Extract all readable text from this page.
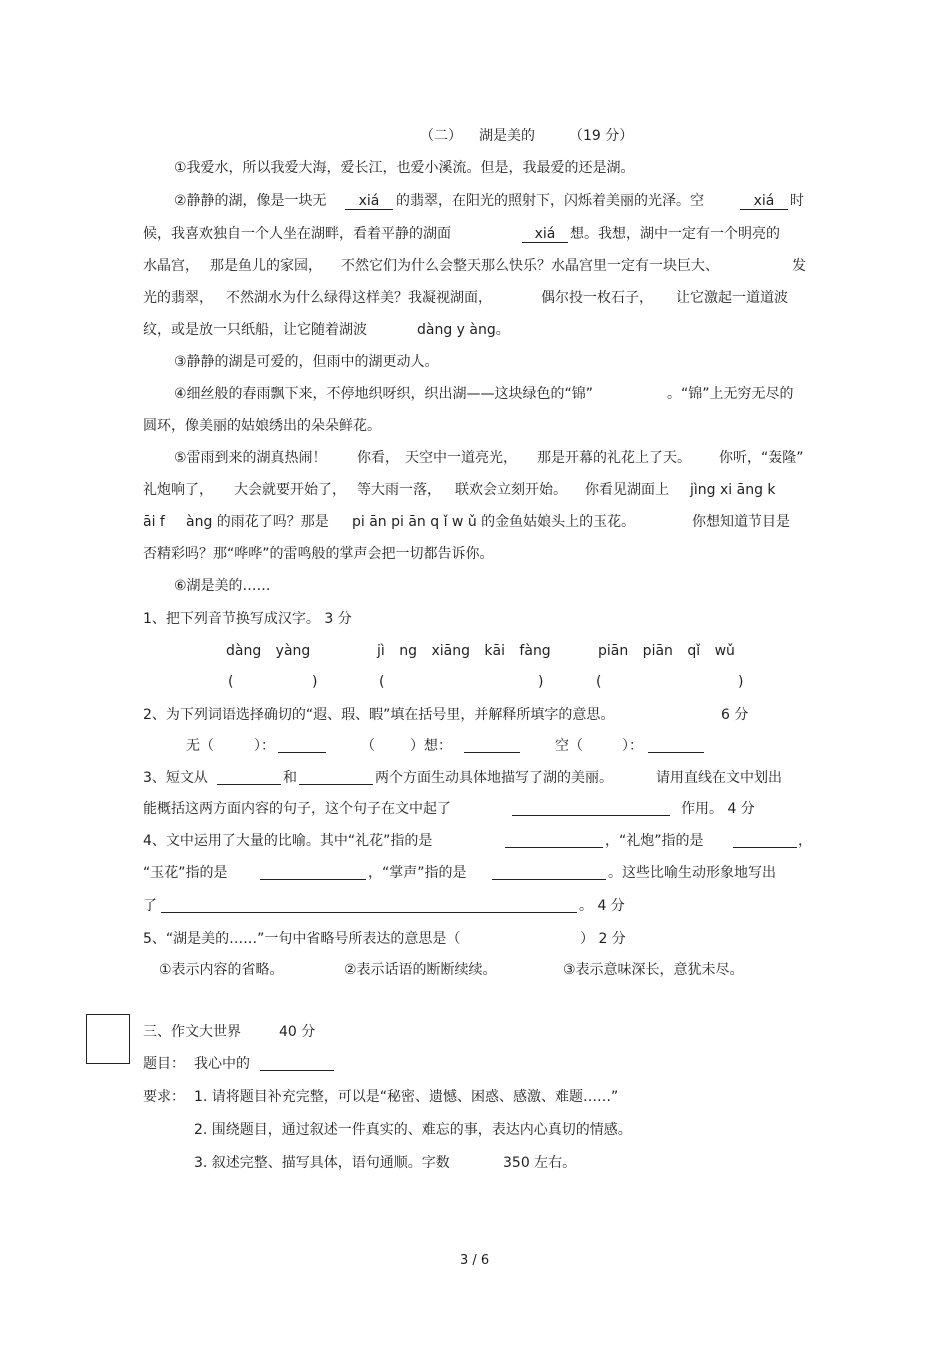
（二） 湖是美的 （19 分）
①我爱水，所以我爱大海，爱长江，也爱小溪流。但是，我最爱的还是湖。
②静静的湖，像是一块无	xiá	的翡翠，在阳光的照射下，闪烁着美丽的光泽。空	xiá	时
候，我喜欢独自一个人坐在湖畔，看着平静的湖面	xiá	想。我想，湖中一定有一个明亮的
水晶宫， 那是鱼儿的家园， 不然它们为什么会整天那么快乐？水晶宫里一定有一块巨大、	发
光的翡翠， 不然湖水为什么绿得这样美？我凝视湖面，	偶尔投一枚石子， 让它激起一道道波
纹，或是放一只纸船，让它随着湖波	dàng y àng。
③静静的湖是可爱的，但雨中的湖更动人。
④细丝般的春雨飘下来，不停地织呀织，织出湖——这块绿色的“锦”	。“锦”上无穷无尽的
圆环，像美丽的姑娘绣出的朵朵鲜花。
⑤雷雨到来的湖真热闹！ 你看， 天空中一道亮光， 那是开幕的礼花上了天。 你听，“轰隆”
礼炮响了， 大会就要开始了， 等大雨一落， 联欢会立刻开始。 你看见湖面上 jìng xi āng k
āi f àng 的雨花了吗？那是 pi ān pi ān q ǐ w ǔ 的金鱼姑娘头上的玉花。	你想知道节目是
否精彩吗？那“哗哗”的雷鸣般的掌声会把一切都告诉你。
⑥湖是美的……
1、把下列音节换写成汉字。 3 分
dàng yàng	jì ng xiāng kāi fàng	piān piān qǐ wǔ
(	)	(	)	(	)
2、为下列词语选择确切的“遐、瑕、暇”填在括号里，并解释所填字的意思。	6 分
无（	）：	（	）想：	空（	）：
3、短文从	和	两个方面生动具体地描写了湖的美丽。	请用直线在文中划出
能概括这两方面内容的句子，这个句子在文中起了	作用。 4 分
4、文中运用了大量的比喻。其中“礼花”指的是	，“礼炮”指的是	，
“玉花”指的是	，“掌声”指的是	。这些比喻生动形象地写出
了	。 4 分
5、“湖是美的……”一句中省略号所表达的意思是（	） 2 分
①表示内容的省略。	②表示话语的断断续续。	③表示意味深长，意犹未尽。
三、作文大世界	40 分
题目： 我心中的
要求： 1. 请将题目补充完整，可以是“秘密、遗憾、困惑、感激、难题……”
2. 围绕题目，通过叙述一件真实的、难忘的事，表达内心真切的情感。
3. 叙述完整、描写具体，语句通顺。字数	350 左右。
3 / 6
